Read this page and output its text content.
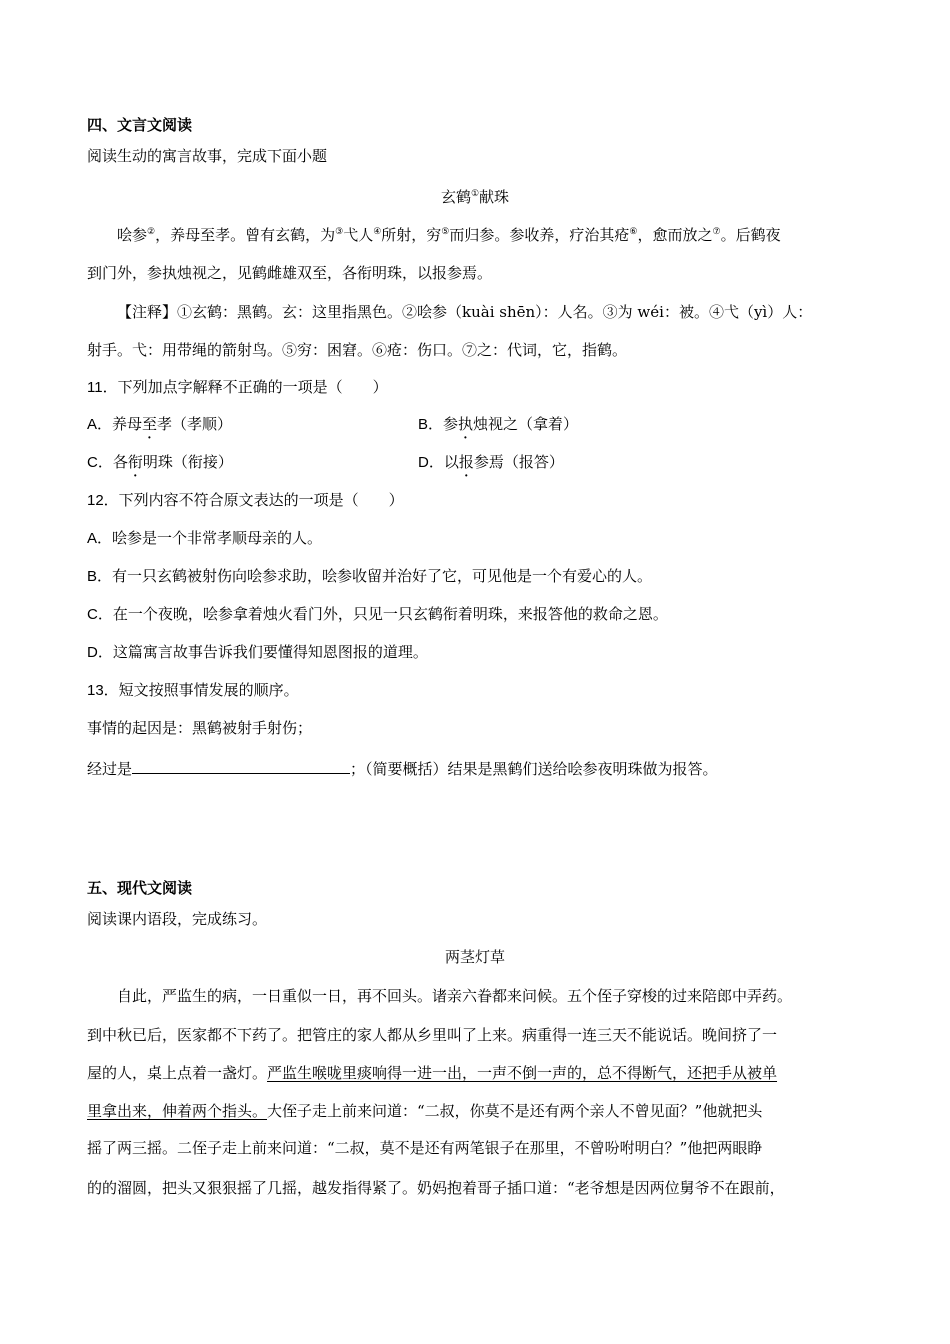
四、文言文阅读
阅读生动的寓言故事，完成下面小题
玄鹤①献珠
哙参②，养母至孝。曾有玄鹤，为③弋人④所射，穷⑤而归参。参收养，疗治其疮⑥，愈而放之⑦。后鹤夜
到门外，参执烛视之，见鹤雌雄双至，各衔明珠，以报参焉。
【注释】①玄鹤：黑鹤。玄：这里指黑色。②哙参（kuài shēn）：人名。③为 wéi：被。④弋（yì）人：
射手。弋：用带绳的箭射鸟。⑤穷：困窘。⑥疮：伤口。⑦之：代词，它，指鹤。
11．下列加点字解释不正确的一项是（　　）
A．养母至孝（孝顺）	B．参执烛视之（拿着）
C．各衔明珠（衔接）	D．以报参焉（报答）
12．下列内容不符合原文表达的一项是（　　）
A．哙参是一个非常孝顺母亲的人。
B．有一只玄鹤被射伤向哙参求助，哙参收留并治好了它，可见他是一个有爱心的人。
C．在一个夜晚，哙参拿着烛火看门外，只见一只玄鹤衔着明珠，来报答他的救命之恩。
D．这篇寓言故事告诉我们要懂得知恩图报的道理。
13．短文按照事情发展的顺序。
事情的起因是：黑鹤被射手射伤；
经过是	；（简要概括）结果是黑鹤们送给哙参夜明珠做为报答。
五、现代文阅读
阅读课内语段，完成练习。
两茎灯草
自此，严监生的病，一日重似一日，再不回头。诸亲六眷都来问候。五个侄子穿梭的过来陪郎中弄药。
到中秋已后，医家都不下药了。把管庄的家人都从乡里叫了上来。病重得一连三天不能说话。晚间挤了一
屋的人，桌上点着一盏灯。严监生喉咙里痰响得一进一出，一声不倒一声的，总不得断气，还把手从被单
里拿出来，伸着两个指头。大侄子走上前来问道：“二叔，你莫不是还有两个亲人不曾见面？”他就把头
摇了两三摇。二侄子走上前来问道：“二叔，莫不是还有两笔银子在那里，不曾吩咐明白？”他把两眼睁
的的溜圆，把头又狠狠摇了几摇，越发指得紧了。奶妈抱着哥子插口道：“老爷想是因两位舅爷不在跟前，
